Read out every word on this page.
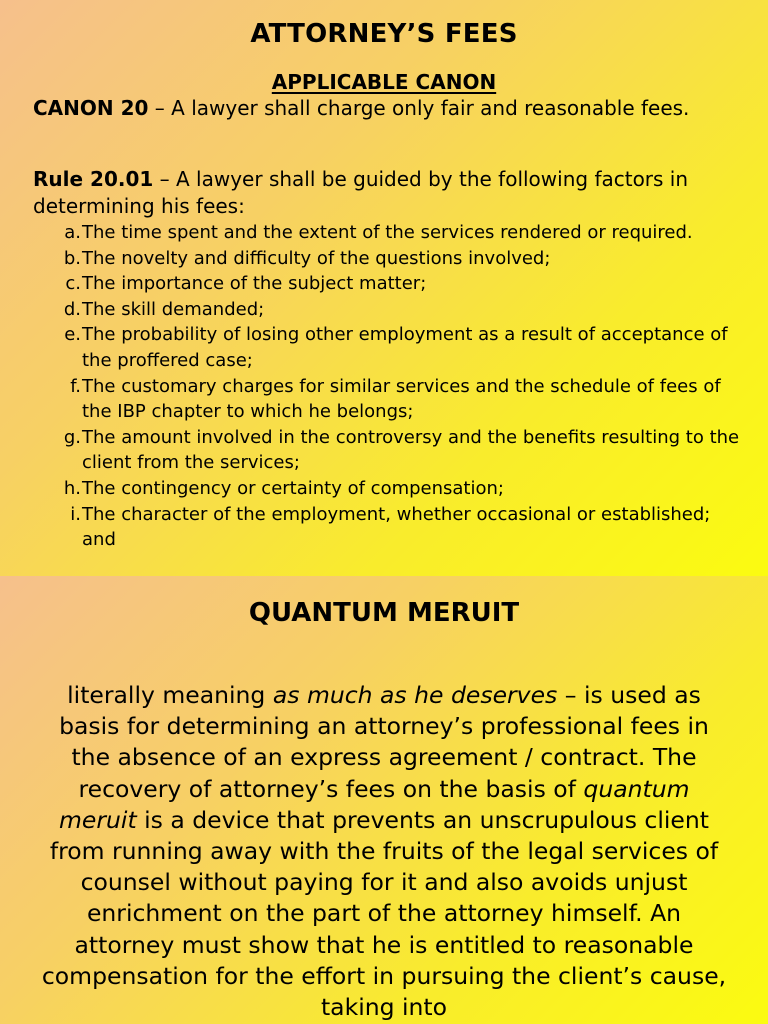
ATTORNEY’S FEES
APPLICABLE CANON
CANON 20 – A lawyer shall charge only fair and reasonable fees.
Rule 20.01 – A lawyer shall be guided by the following factors in determining his fees:
a. The time spent and the extent of the services rendered or required.
b. The novelty and difficulty of the questions involved;
c. The importance of the subject matter;
d. The skill demanded;
e. The probability of losing other employment as a result of acceptance of the proffered case;
f. The customary charges for similar services and the schedule of fees of the IBP chapter to which he belongs;
g. The amount involved in the controversy and the benefits resulting to the client from the services;
h. The contingency or certainty of compensation;
i. The character of the employment, whether occasional or established;  and
QUANTUM MERUIT
literally meaning as much as he deserves – is used as basis for determining an attorney’s professional fees in the absence of an express agreement / contract. The recovery of attorney’s fees on the basis of quantum meruit is a device that prevents an unscrupulous client from running away with the fruits of the legal services of counsel without paying for it and also avoids unjust enrichment on the part of the attorney himself. An attorney must show that he is entitled to reasonable compensation for the effort in pursuing the client’s cause, taking into
